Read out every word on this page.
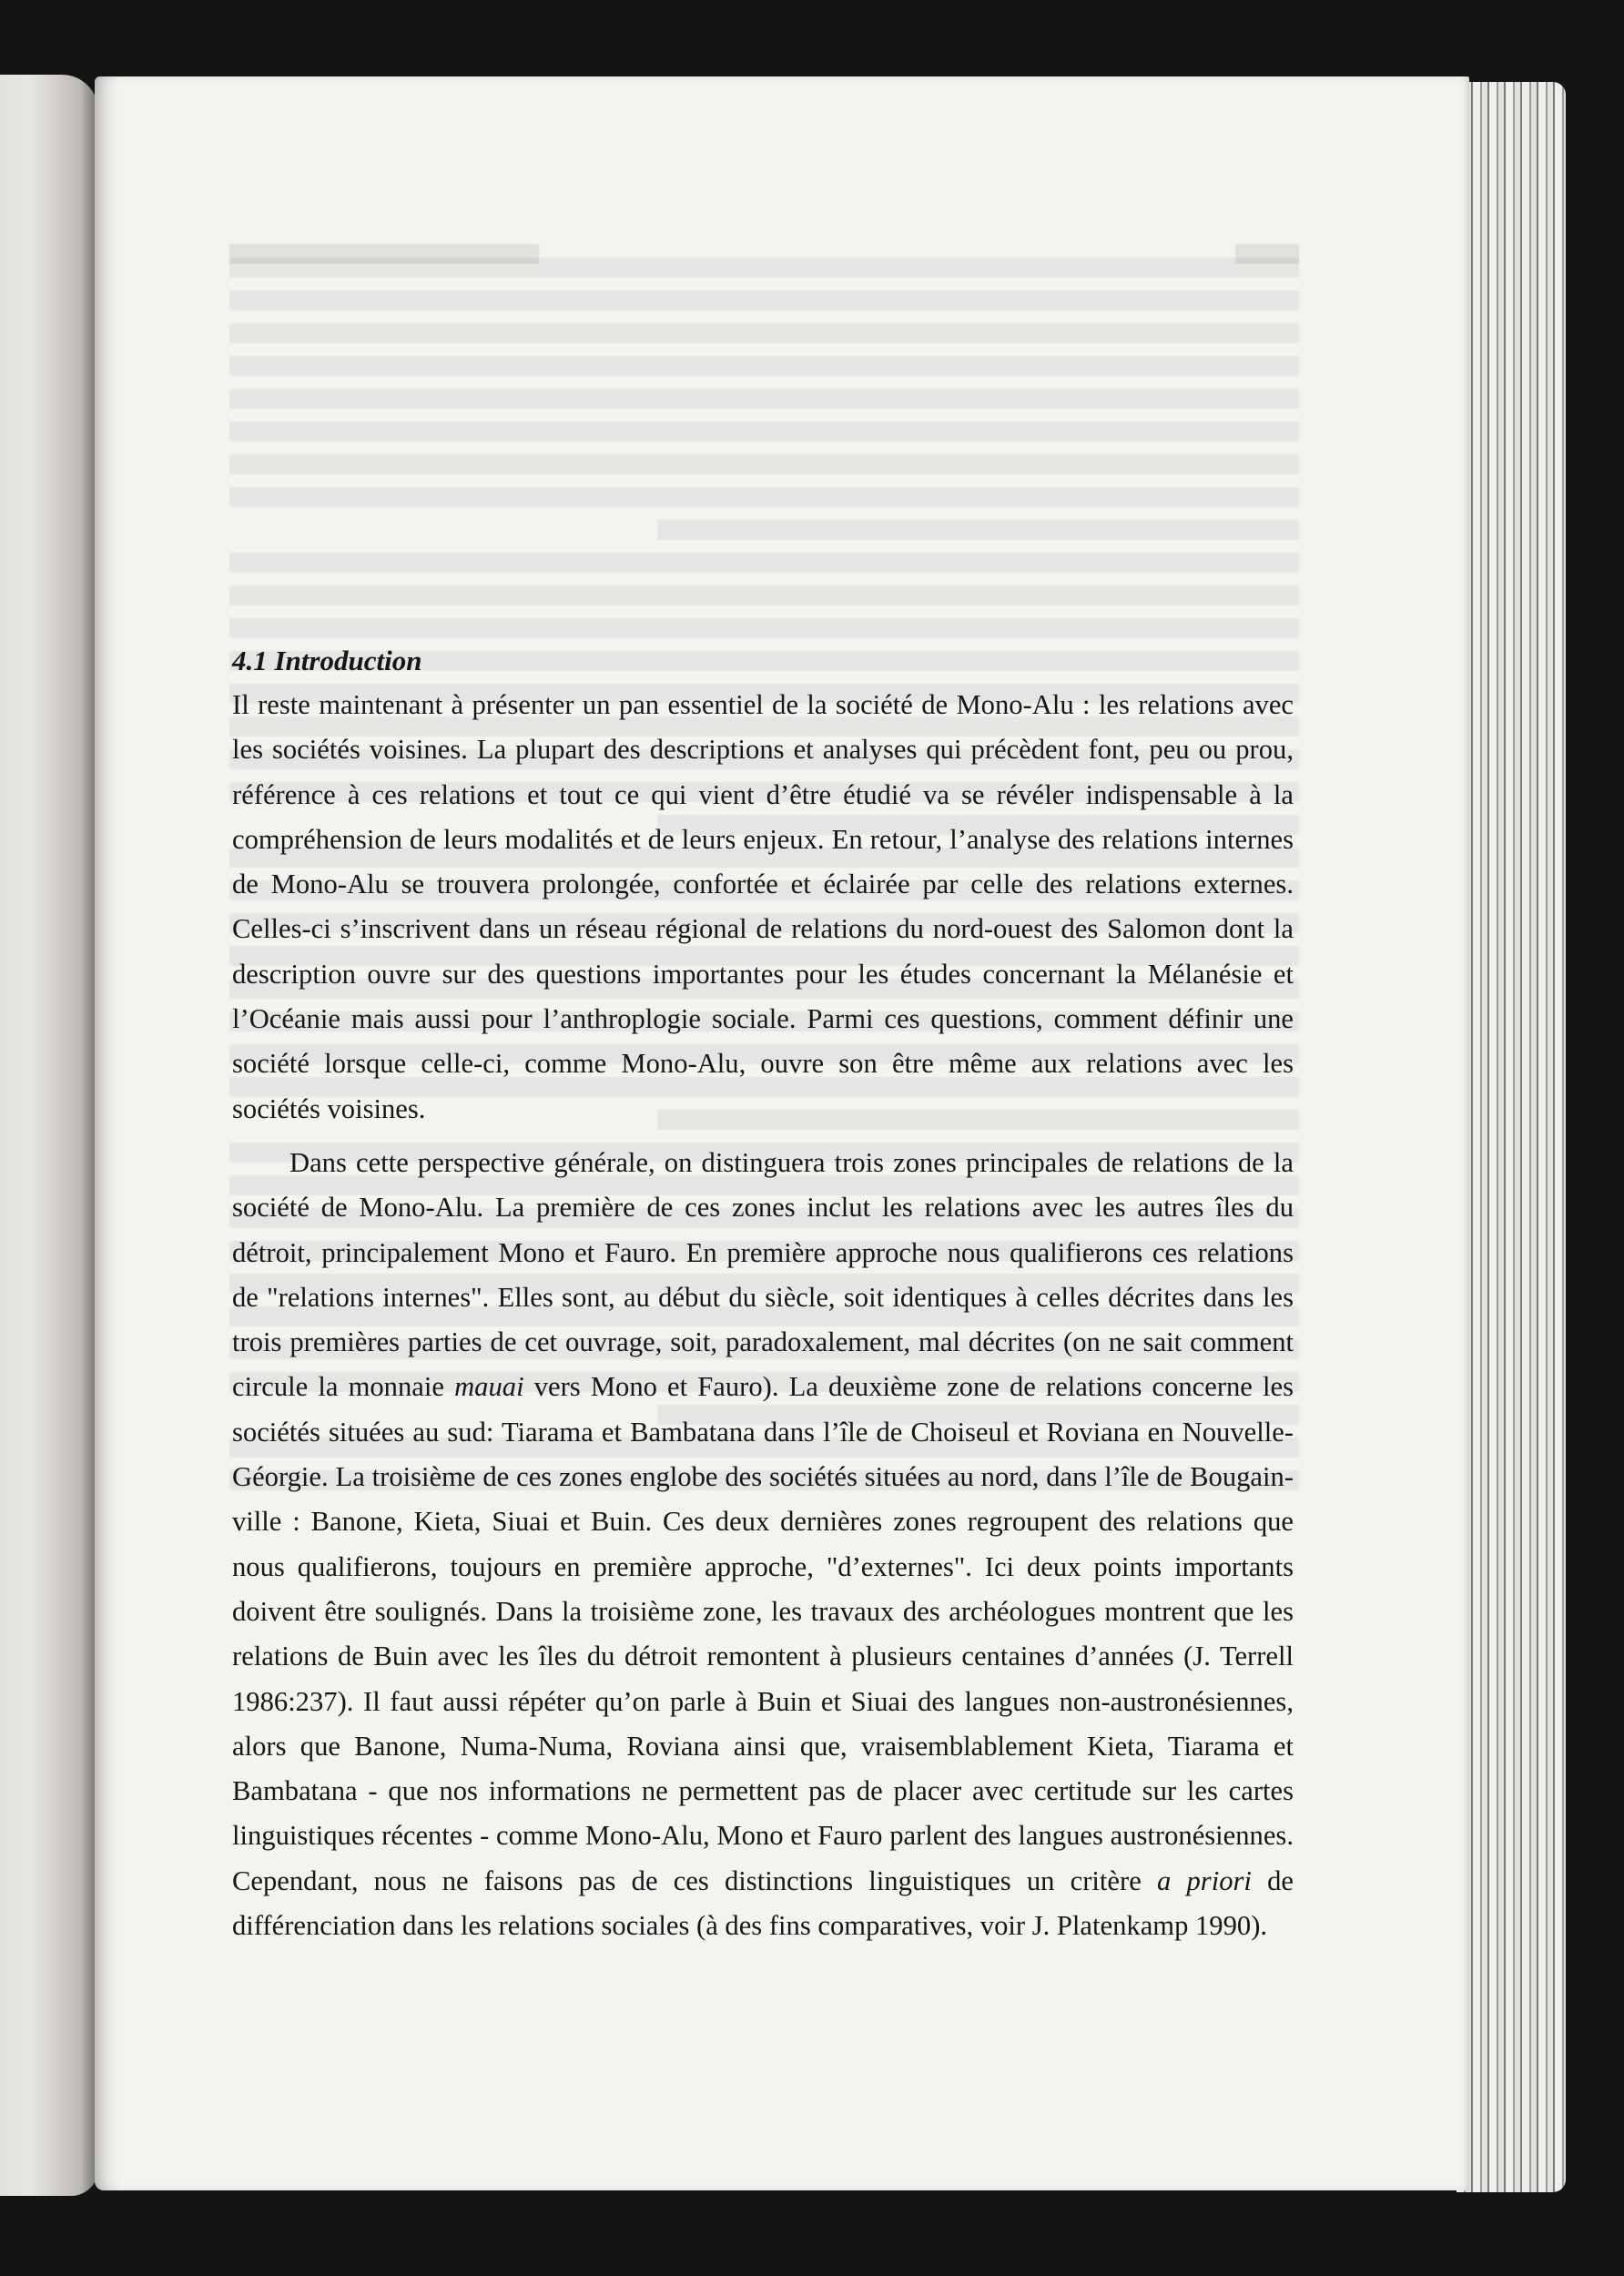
4.1 Introduction

Il reste maintenant à présenter un pan essentiel de la société de Mono-Alu : les relations avec les sociétés voisines. La plupart des descriptions et analyses qui précèdent font, peu ou prou, référence à ces relations et tout ce qui vient d’être étudié va se révéler indispensable à la compréhension de leurs modalités et de leurs enjeux. En retour, l’analyse des relations internes de Mono-Alu se trouvera prolongée, confortée et éclairée par celle des relations externes. Celles-ci s’inscrivent dans un réseau régional de relations du nord-ouest des Salomon dont la description ouvre sur des questions importantes pour les études concernant la Mélanésie et l’Océanie mais aussi pour l’anthroplogie sociale. Parmi ces questions, comment définir une société lorsque celle-ci, comme Mono-Alu, ouvre son être même aux relations avec les sociétés voisines.

Dans cette perspective générale, on distinguera trois zones principales de relations de la société de Mono-Alu. La première de ces zones inclut les relations avec les autres îles du détroit, principalement Mono et Fauro. En première approche nous qualifierons ces relations de "relations internes". Elles sont, au début du siècle, soit identiques à celles décrites dans les trois premières parties de cet ouvrage, soit, paradoxalement, mal décrites (on ne sait comment circule la monnaie mauai vers Mono et Fauro). La deuxième zone de relations concerne les sociétés situées au sud: Tiarama et Bambatana dans l’île de Choiseul et Roviana en Nouvelle-Géorgie. La troisième de ces zones englobe des sociétés situées au nord, dans l’île de Bougainville : Banone, Kieta, Siuai et Buin. Ces deux dernières zones regroupent des relations que nous qualifierons, toujours en première approche, "d’externes". Ici deux points importants doivent être soulignés. Dans la troisième zone, les travaux des archéologues montrent que les relations de Buin avec les îles du détroit remontent à plusieurs centaines d’années (J. Terrell 1986:237). Il faut aussi répéter qu’on parle à Buin et Siuai des langues non-austronésiennes, alors que Banone, Numa-Numa, Roviana ainsi que, vraisemblablement Kieta, Tiarama et Bambatana - que nos informations ne permettent pas de placer avec certitude sur les cartes linguistiques récentes - comme Mono-Alu, Mono et Fauro parlent des langues austronésiennes. Cependant, nous ne faisons pas de ces distinctions linguistiques un critère a priori de différenciation dans les relations sociales (à des fins comparatives, voir J. Platenkamp 1990).
